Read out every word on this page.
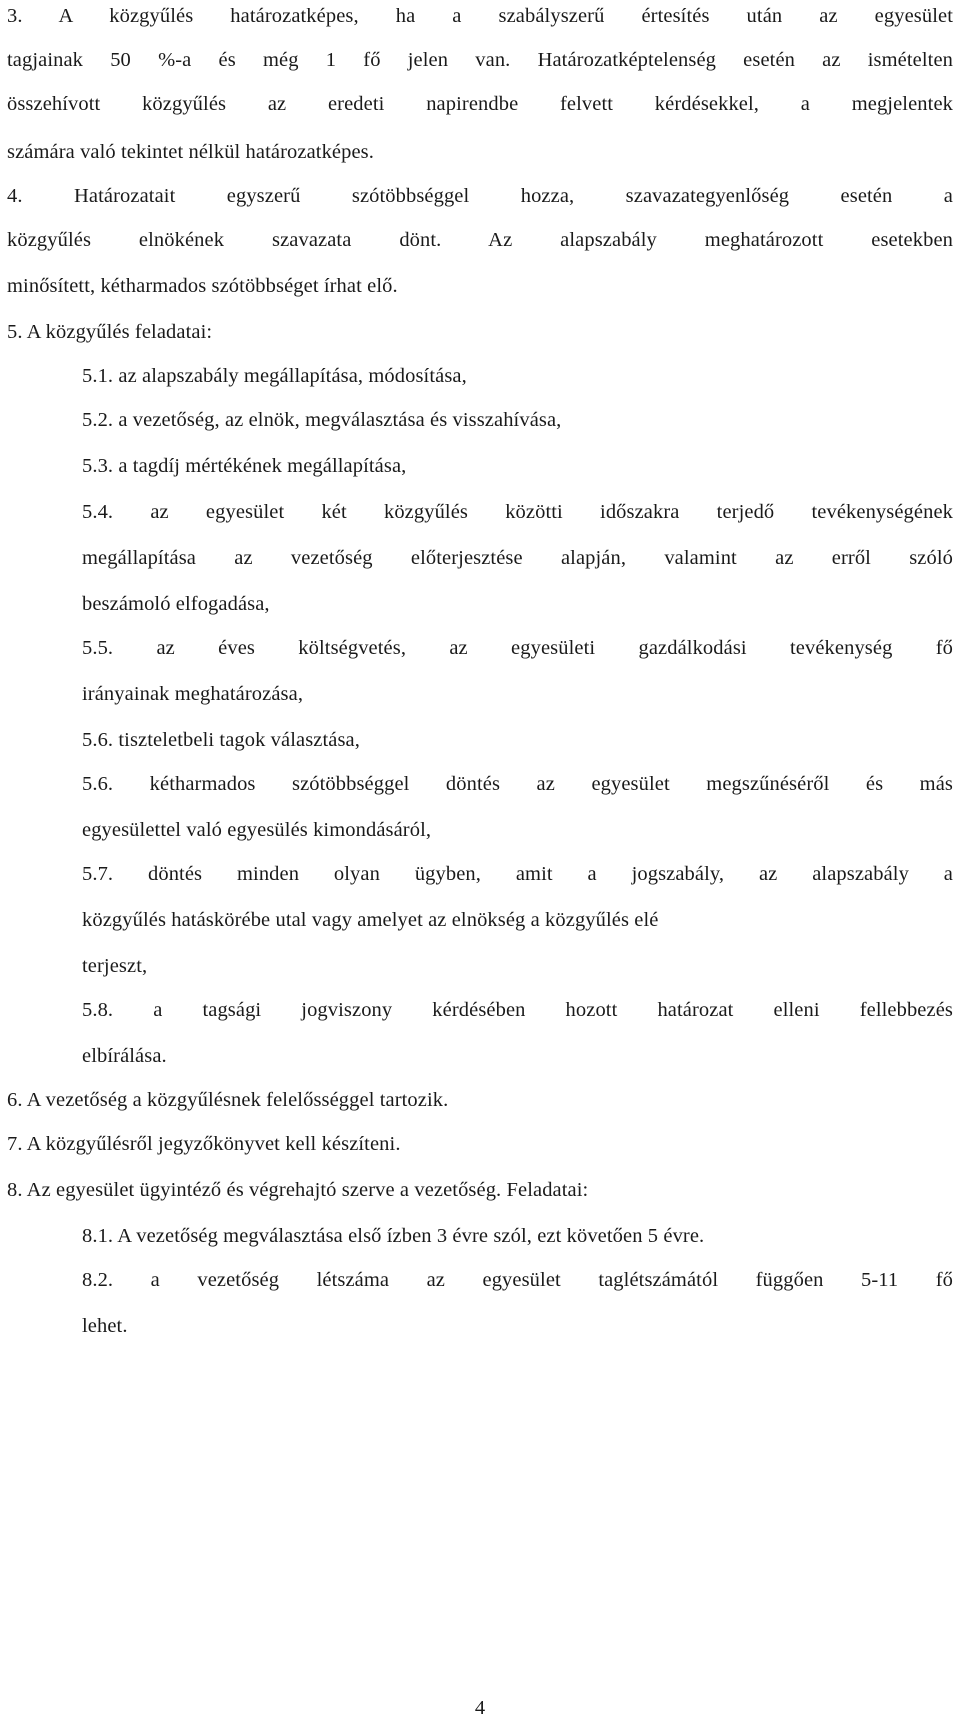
3. A közgyűlés határozatképes, ha a szabályszerű értesítés után az egyesület
tagjainak 50 %-a és még 1 fő jelen van. Határozatképtelenség esetén az ismételten
összehívott közgyűlés az eredeti napirendbe felvett kérdésekkel, a megjelentek
számára való tekintet nélkül határozatképes.
4. Határozatait egyszerű szótöbbséggel hozza, szavazategyenlőség esetén a
közgyűlés elnökének szavazata dönt. Az alapszabály meghatározott esetekben
minősített, kétharmados szótöbbséget írhat elő.
5. A közgyűlés feladatai:
5.1. az alapszabály megállapítása, módosítása,
5.2. a vezetőség, az elnök, megválasztása és visszahívása,
5.3. a tagdíj mértékének megállapítása,
5.4. az egyesület két közgyűlés közötti időszakra terjedő tevékenységének
megállapítása az vezetőség előterjesztése alapján, valamint az erről szóló
beszámoló elfogadása,
5.5. az éves költségvetés, az egyesületi gazdálkodási tevékenység fő
irányainak meghatározása,
5.6. tiszteletbeli tagok választása,
5.6. kétharmados szótöbbséggel döntés az egyesület megszűnéséről és más
egyesülettel való egyesülés kimondásáról,
5.7. döntés minden olyan ügyben, amit a jogszabály, az alapszabály a
közgyűlés hatáskörébe utal vagy amelyet az elnökség a közgyűlés elé
terjeszt,
5.8. a tagsági jogviszony kérdésében hozott határozat elleni fellebbezés
elbírálása.
6. A vezetőség a közgyűlésnek felelősséggel tartozik.
7. A közgyűlésről jegyzőkönyvet kell készíteni.
8. Az egyesület ügyintéző és végrehajtó szerve a vezetőség. Feladatai:
8.1. A vezetőség megválasztása első ízben 3 évre szól, ezt követően 5 évre.
8.2. a vezetőség létszáma az egyesület taglétszámától függően 5-11 fő
lehet.
4
